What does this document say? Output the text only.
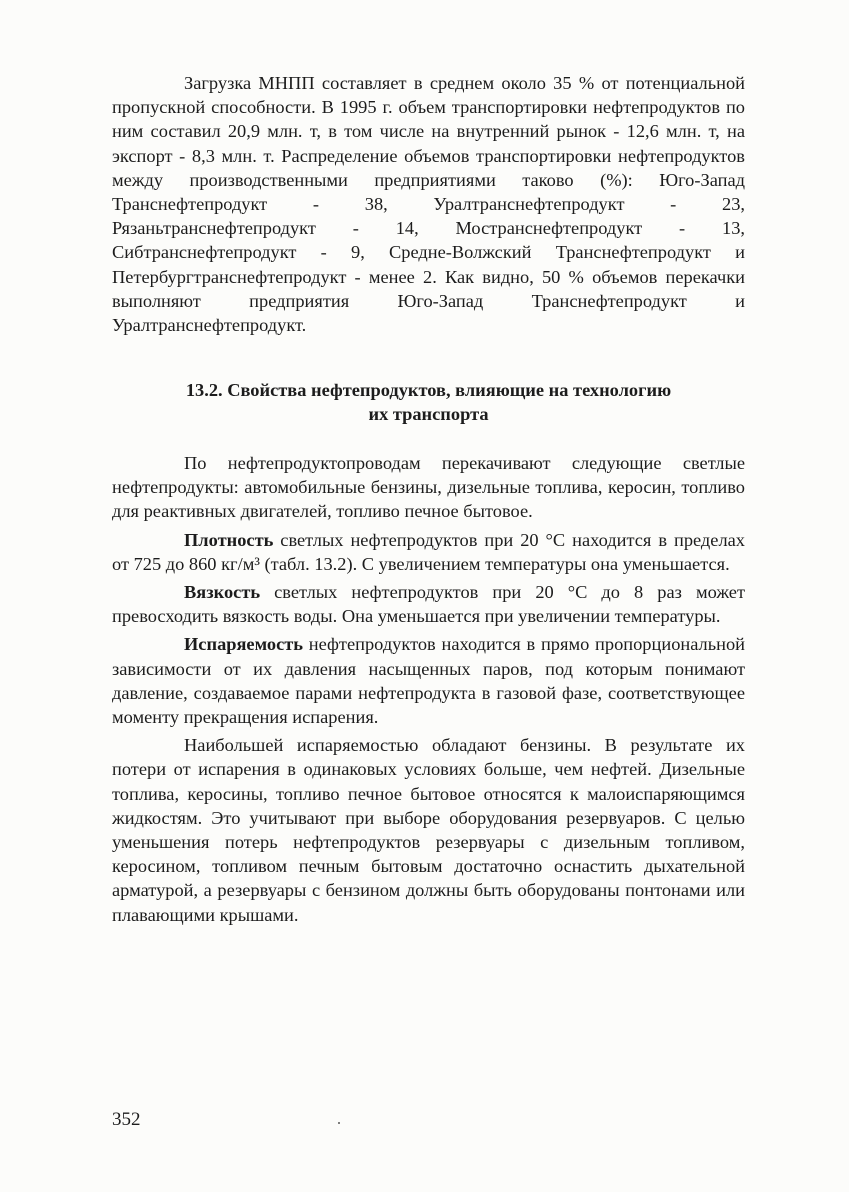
Загрузка МНПП составляет в среднем около 35 % от потенциальной пропускной способности. В 1995 г. объем транспортировки нефтепродуктов по ним составил 20,9 млн. т, в том числе на внутренний рынок - 12,6 млн. т, на экспорт - 8,3 млн. т. Распределение объемов транспортировки нефтепродуктов между производственными предприятиями таково (%): Юго-Запад Транснефтепродукт - 38, Уралтранснефтепродукт - 23, Рязаньтранснефтепродукт - 14, Мостранснефтепродукт - 13, Сибтранснефтепродукт - 9, Средне-Волжский Транснефтепродукт и Петербургтранснефтепродукт - менее 2. Как видно, 50 % объемов перекачки выполняют предприятия Юго-Запад Транснефтепродукт и Уралтранснефтепродукт.

13.2. Свойства нефтепродуктов, влияющие на технологию
их транспорта

По нефтепродуктопроводам перекачивают следующие светлые нефтепродукты: автомобильные бензины, дизельные топлива, керосин, топливо для реактивных двигателей, топливо печное бытовое.

Плотность светлых нефтепродуктов при 20 °С находится в пределах от 725 до 860 кг/м³ (табл. 13.2). С увеличением температуры она уменьшается.

Вязкость светлых нефтепродуктов при 20 °С до 8 раз может превосходить вязкость воды. Она уменьшается при увеличении температуры.

Испаряемость нефтепродуктов находится в прямо пропорциональной зависимости от их давления насыщенных паров, под которым понимают давление, создаваемое парами нефтепродукта в газовой фазе, соответствующее моменту прекращения испарения.

Наибольшей испаряемостью обладают бензины. В результате их потери от испарения в одинаковых условиях больше, чем нефтей. Дизельные топлива, керосины, топливо печное бытовое относятся к малоиспаряющимся жидкостям. Это учитывают при выборе оборудования резервуаров. С целью уменьшения потерь нефтепродуктов резервуары с дизельным топливом, керосином, топливом печным бытовым достаточно оснастить дыхательной арматурой, а резервуары с бензином должны быть оборудованы понтонами или плавающими крышами.

352
